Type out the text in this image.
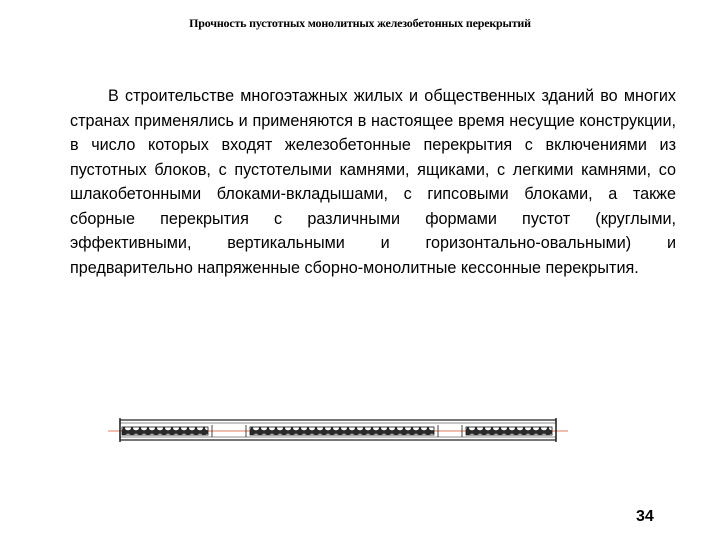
Прочность пустотных монолитных железобетонных перекрытий

В строительстве многоэтажных жилых и общественных зданий во многих странах применялись и применяются в настоящее время несущие конструкции, в число которых входят железобетонные перекрытия с включениями из пустотных блоков, с пустотелыми камнями, ящиками, с легкими камнями, со шлакобетонными блоками-вкладышами, с гипсовыми блоками, а также сборные перекрытия с различными формами пустот (круглыми, эффективными, вертикальными и горизонтально-овальными) и предварительно напряженные сборно-монолитные кессонные перекрытия.

34
